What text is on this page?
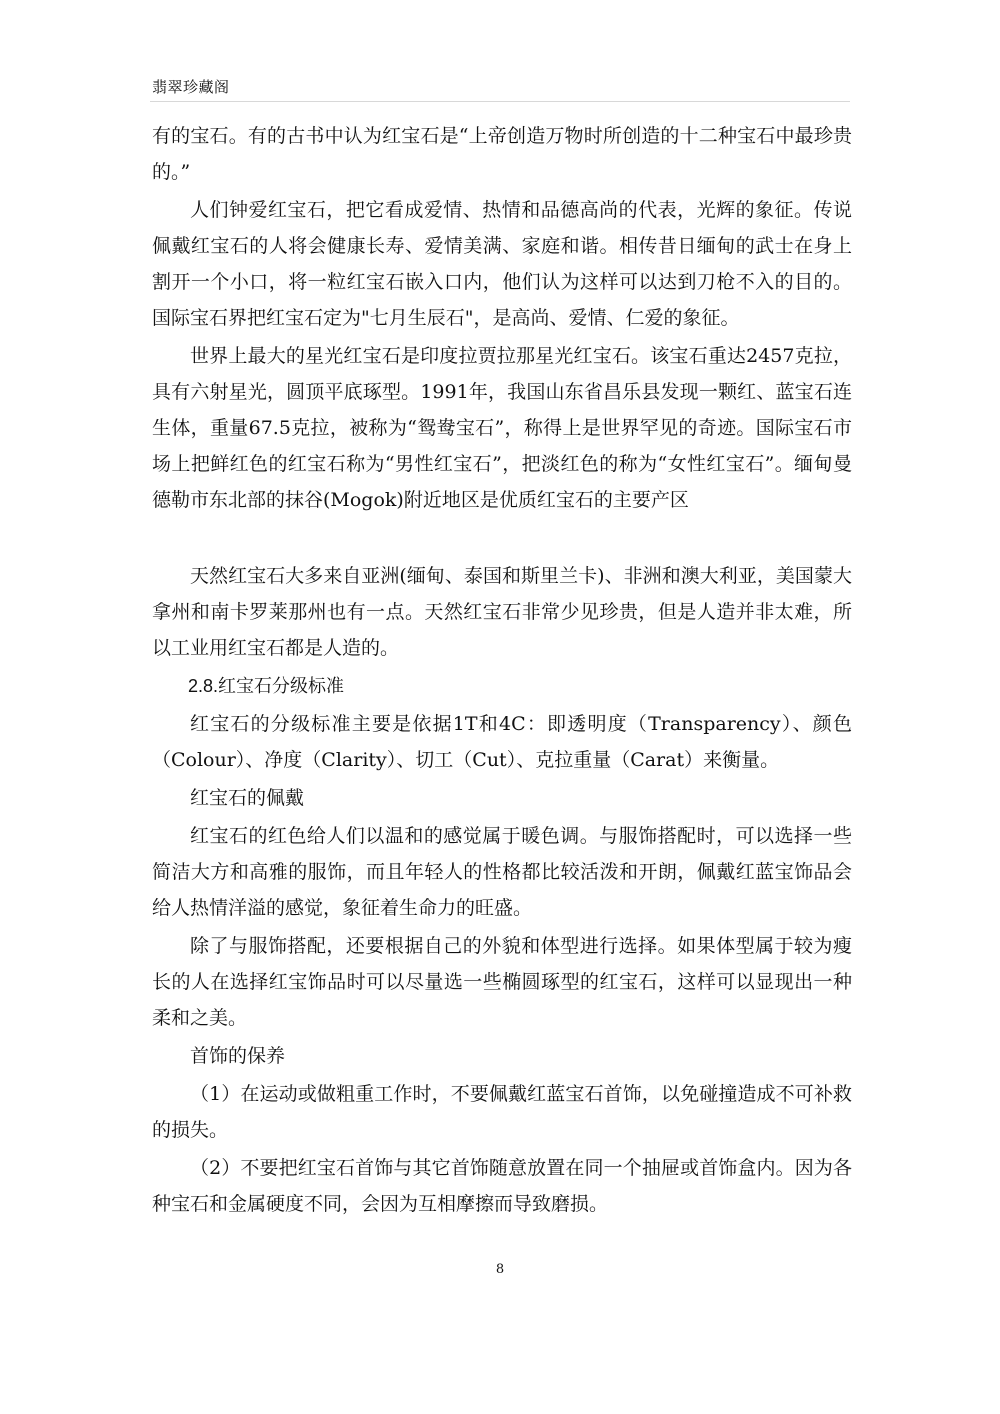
翡翠珍藏阁

有的宝石。有的古书中认为红宝石是“上帝创造万物时所创造的十二种宝石中最珍贵的。”

人们钟爱红宝石，把它看成爱情、热情和品德高尚的代表，光辉的象征。传说佩戴红宝石的人将会健康长寿、爱情美满、家庭和谐。相传昔日缅甸的武士在身上割开一个小口，将一粒红宝石嵌入口内，他们认为这样可以达到刀枪不入的目的。国际宝石界把红宝石定为"七月生辰石"，是高尚、爱情、仁爱的象征。

世界上最大的星光红宝石是印度拉贾拉那星光红宝石。该宝石重达2457克拉，具有六射星光，圆顶平底琢型。1991年，我国山东省昌乐县发现一颗红、蓝宝石连生体，重量67.5克拉，被称为“鸳鸯宝石”，称得上是世界罕见的奇迹。国际宝石市场上把鲜红色的红宝石称为“男性红宝石”，把淡红色的称为“女性红宝石”。缅甸曼德勒市东北部的抹谷(Mogok)附近地区是优质红宝石的主要产区

天然红宝石大多来自亚洲(缅甸、泰国和斯里兰卡)、非洲和澳大利亚，美国蒙大拿州和南卡罗莱那州也有一点。天然红宝石非常少见珍贵，但是人造并非太难，所以工业用红宝石都是人造的。

2.8.红宝石分级标准

红宝石的分级标准主要是依据1T和4C：即透明度（Transparency）、颜色（Colour）、净度（Clarity）、切工（Cut）、克拉重量（Carat）来衡量。

红宝石的佩戴

红宝石的红色给人们以温和的感觉属于暖色调。与服饰搭配时，可以选择一些简洁大方和高雅的服饰，而且年轻人的性格都比较活泼和开朗，佩戴红蓝宝饰品会给人热情洋溢的感觉，象征着生命力的旺盛。

除了与服饰搭配，还要根据自己的外貌和体型进行选择。如果体型属于较为瘦长的人在选择红宝饰品时可以尽量选一些椭圆琢型的红宝石，这样可以显现出一种柔和之美。

首饰的保养

（1）在运动或做粗重工作时，不要佩戴红蓝宝石首饰，以免碰撞造成不可补救的损失。

（2）不要把红宝石首饰与其它首饰随意放置在同一个抽屉或首饰盒内。因为各种宝石和金属硬度不同，会因为互相摩擦而导致磨损。

8
